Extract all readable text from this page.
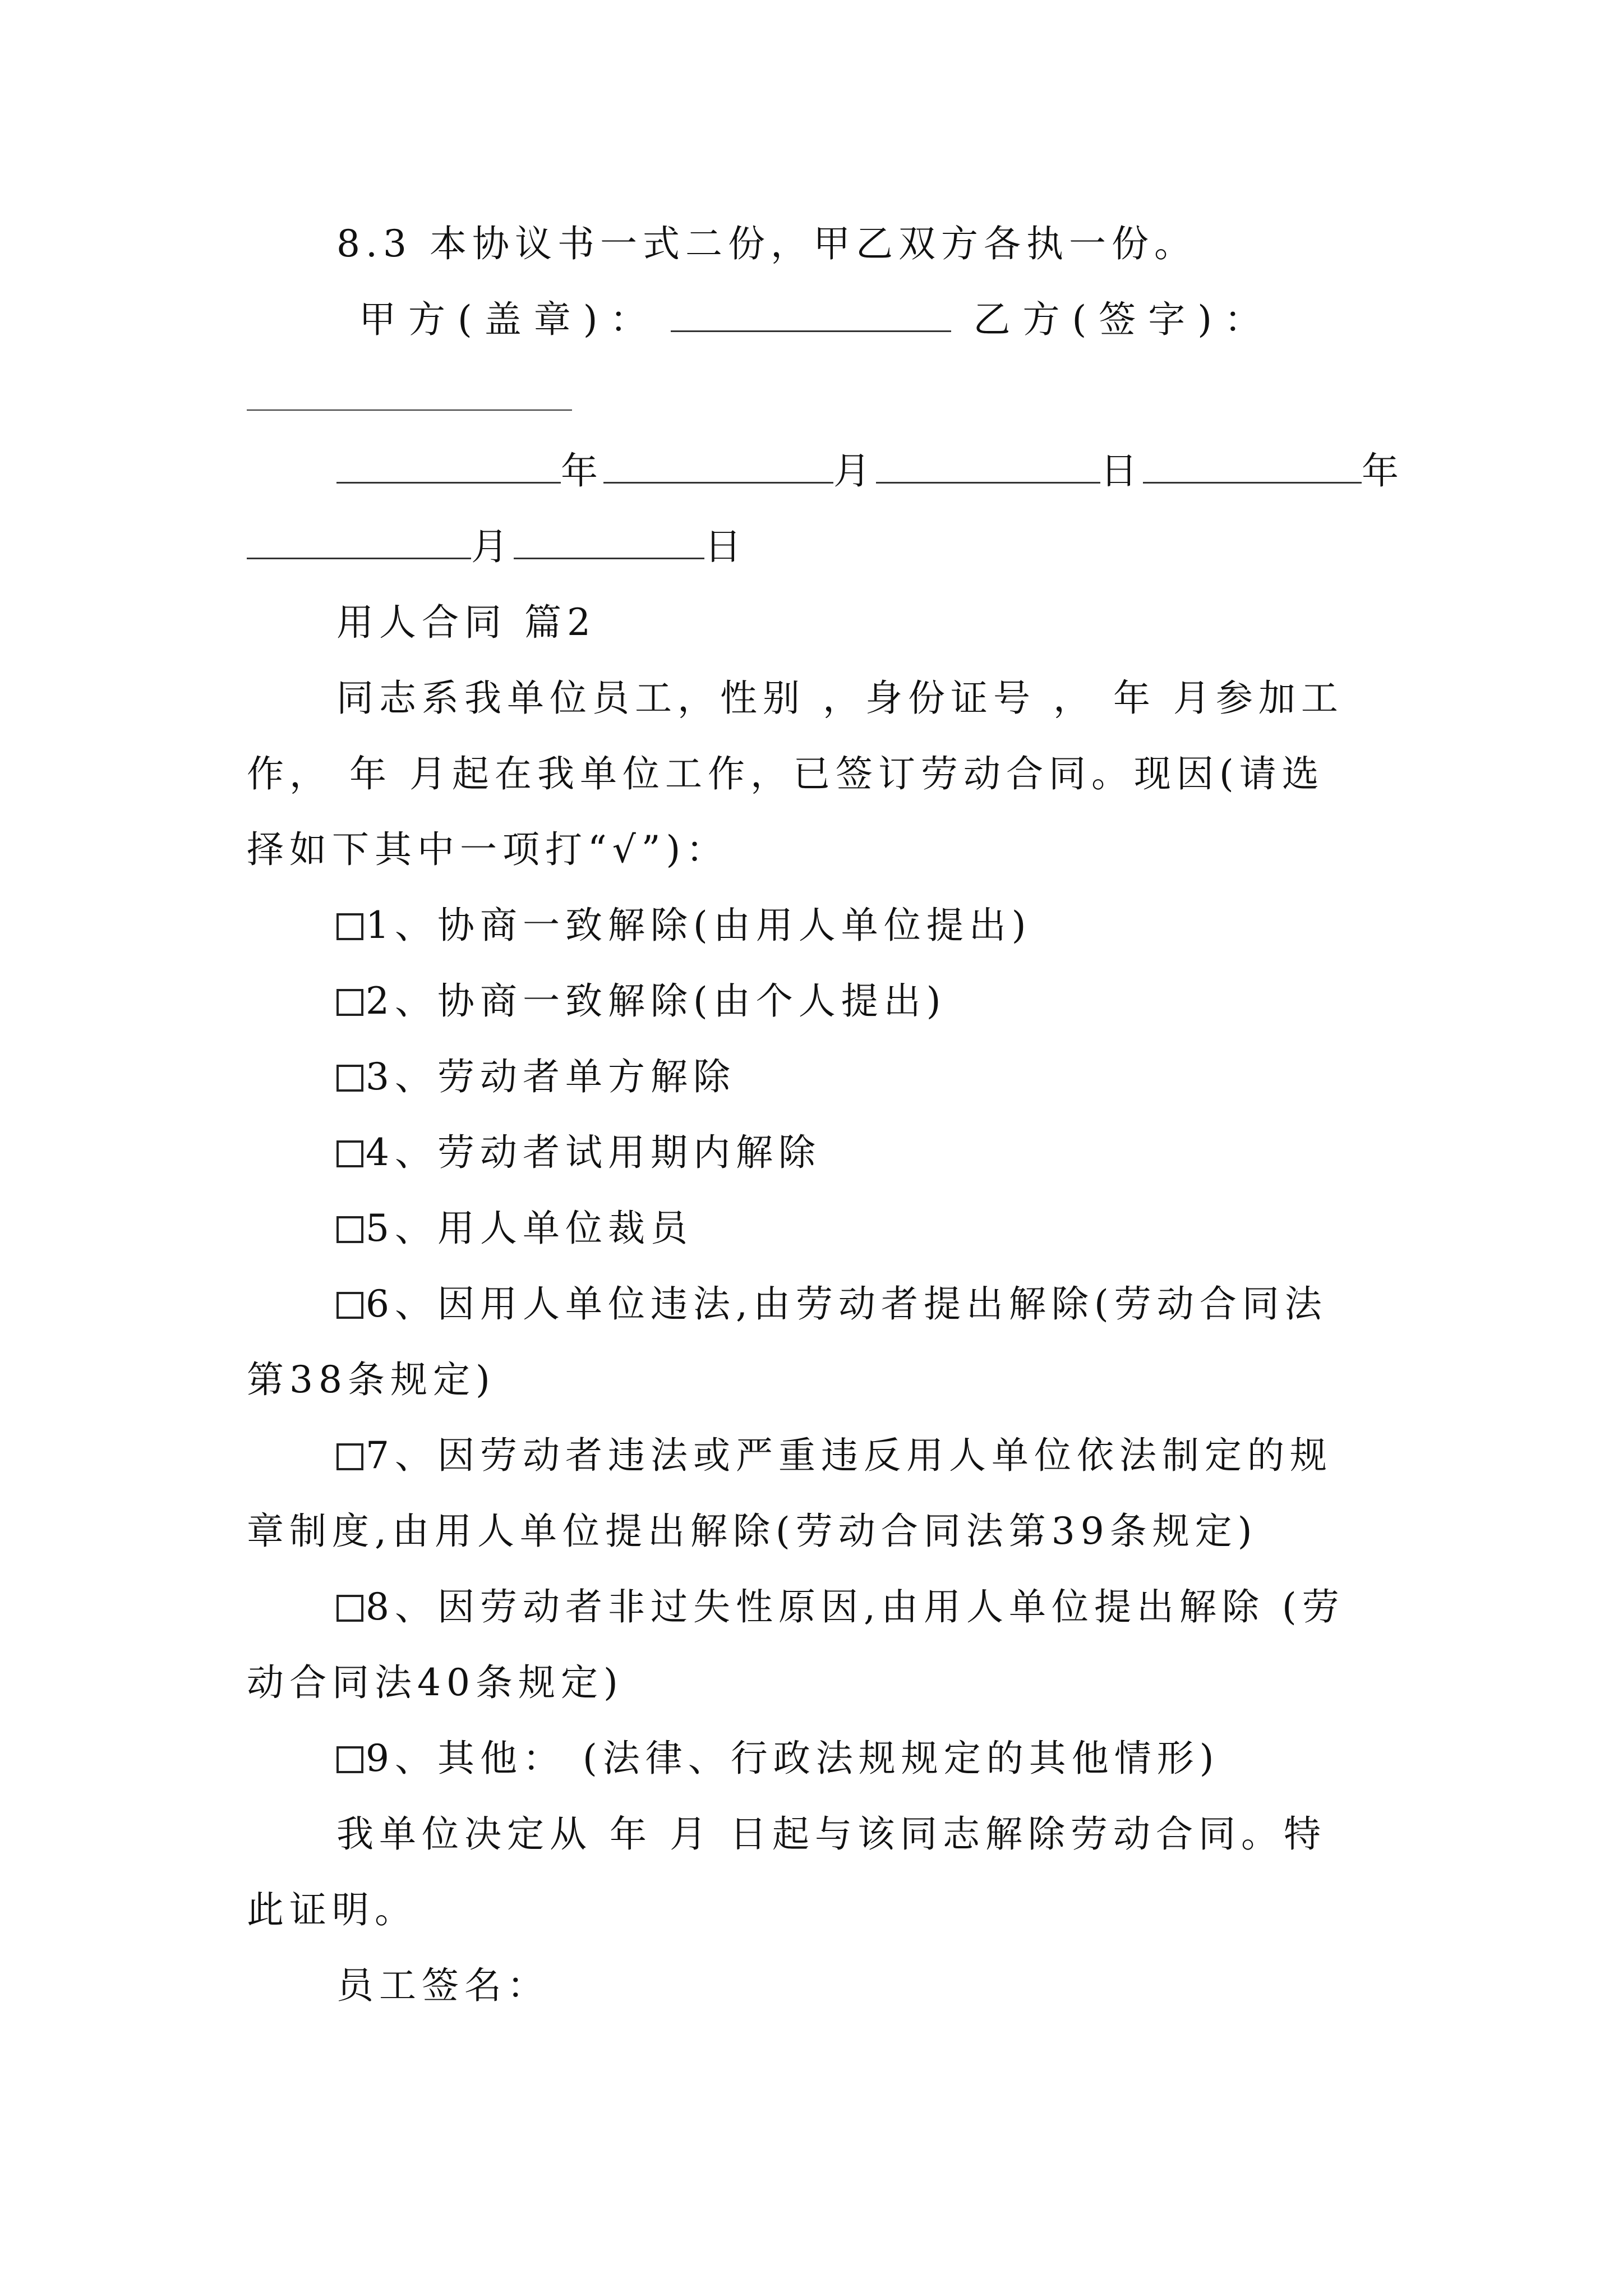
8.3 本协议书一式二份，甲乙双方各执一份。
甲方(盖章)：	乙方(签字)：
年	月	日	年
月	日
用人合同 篇2
同志系我单位员工，性别 ，身份证号 ， 年 月参加工
作， 年 月起在我单位工作，已签订劳动合同。现因(请选
择如下其中一项打“√”)：
1、协商一致解除(由用人单位提出)
2、协商一致解除(由个人提出)
3、劳动者单方解除
4、劳动者试用期内解除
5、用人单位裁员
6、因用人单位违法,由劳动者提出解除(劳动合同法
第38条规定)
7、因劳动者违法或严重违反用人单位依法制定的规
章制度,由用人单位提出解除(劳动合同法第39条规定)
8、因劳动者非过失性原因,由用人单位提出解除 (劳
动合同法40条规定)
9、其他： (法律、行政法规规定的其他情形)
我单位决定从 年 月 日起与该同志解除劳动合同。特
此证明。
员工签名：
